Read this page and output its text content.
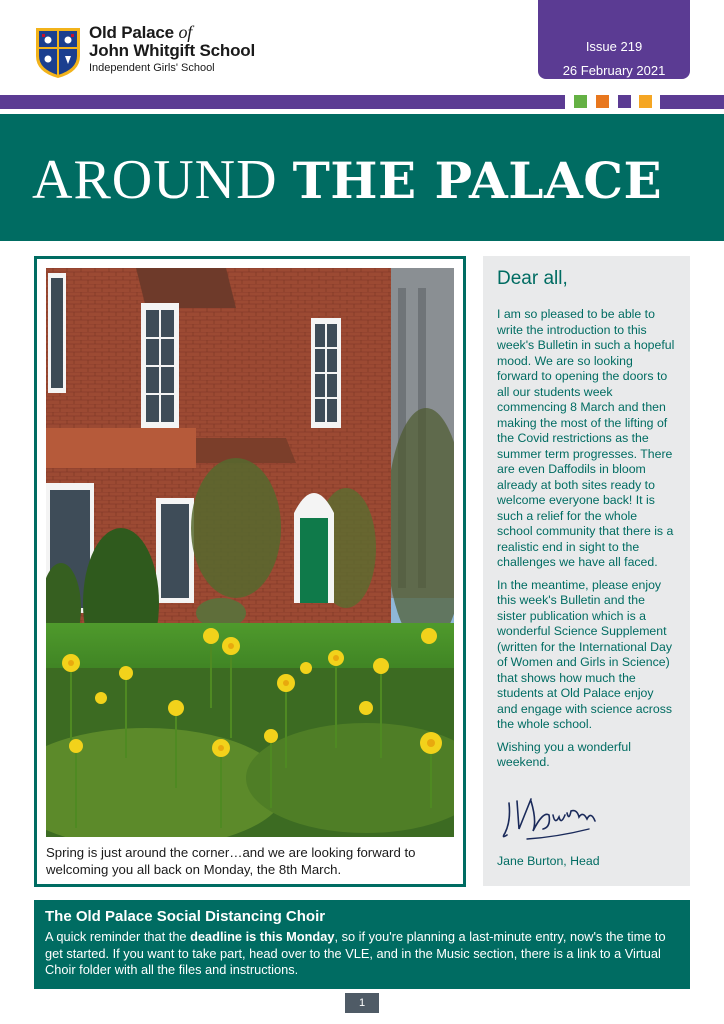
Old Palace of
John Whitgift School
Independent Girls' School
Issue 219
26 February 2021
AROUND THE PALACE
Spring is just around the corner…and we are looking forward to welcoming you all back on Monday, the 8th March.
Dear all,

I am so pleased to be able to write the introduction to this week's Bulletin in such a hopeful mood. We are so looking forward to opening the doors to all our students week commencing 8 March and then making the most of the lifting of the Covid restrictions as the summer term progresses. There are even Daffodils in bloom already at both sites ready to welcome everyone back! It is such a relief for the whole school community that there is a realistic end in sight to the challenges we have all faced.

In the meantime, please enjoy this week's Bulletin and the sister publication which is a wonderful Science Supplement (written for the International Day of Women and Girls in Science) that shows how much the students at Old Palace enjoy and engage with science across the whole school.

Wishing you a wonderful weekend.

Jane Burton, Head
The Old Palace Social Distancing Choir

A quick reminder that the deadline is this Monday, so if you're planning a last-minute entry, now's the time to get started. If you want to take part, head over to the VLE, and in the Music section, there is a link to a Virtual Choir folder with all the files and instructions.

1
